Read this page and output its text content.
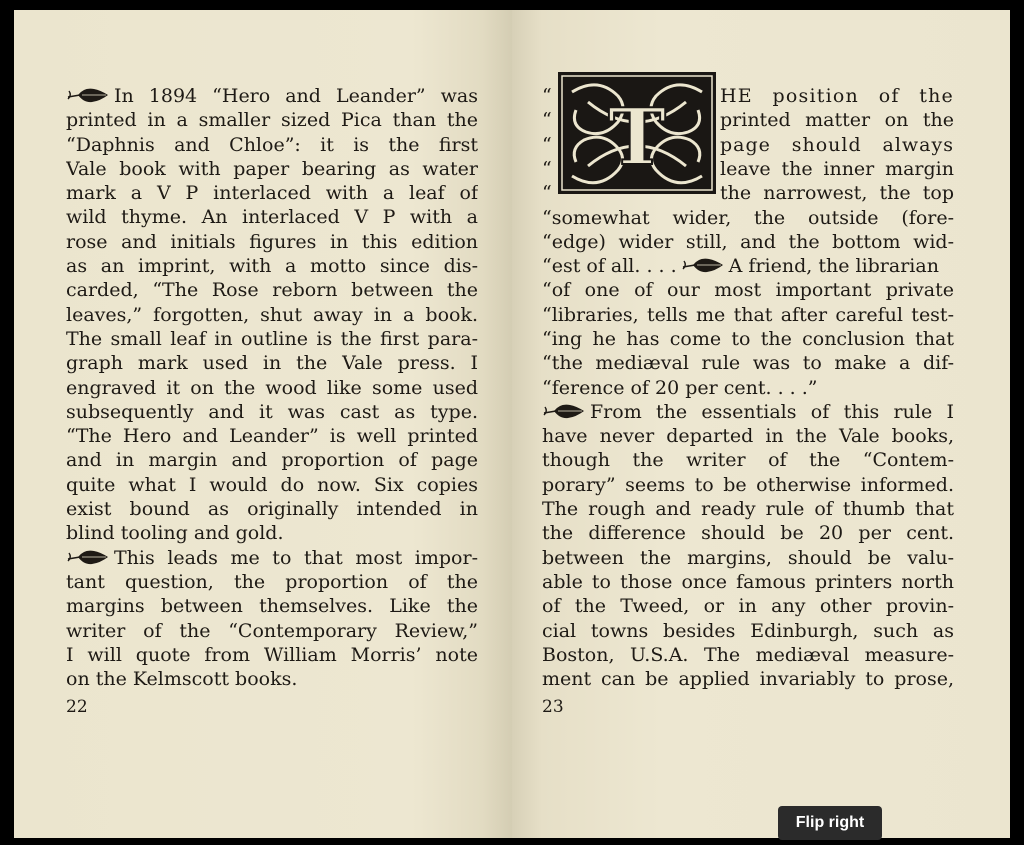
In 1894 “Hero and Leander” was
printed in a smaller sized Pica than the
“Daphnis and Chloe”: it is the first
Vale book with paper bearing as water
mark a V P interlaced with a leaf of
wild thyme. An interlaced V P with a
rose and initials figures in this edition
as an imprint, with a motto since dis-
carded, “The Rose reborn between the
leaves,” forgotten, shut away in a book.
The small leaf in outline is the first para-
graph mark used in the Vale press. I
engraved it on the wood like some used
subsequently and it was cast as type.
“The Hero and Leander” is well printed
and in margin and proportion of page
quite what I would do now. Six copies
exist bound as originally intended in
blind tooling and gold.
This leads me to that most impor-
tant question, the proportion of the
margins between themselves. Like the
writer of the “Contemporary Review,”
I will quote from William Morris’ note
on the Kelmscott books.
22
“
“
“
“
“
T	HE position of the
printed matter on the
page should always
leave the inner margin
the narrowest, the top
“somewhat wider, the outside (fore-
“edge) wider still, and the bottom wid-
“est of all. . . .	A friend, the librarian
“of one of our most important private
“libraries, tells me that after careful test-
“ing he has come to the conclusion that
“the mediæval rule was to make a dif-
“ference of 20 per cent. . . .”
From the essentials of this rule I
have never departed in the Vale books,
though the writer of the “Contem-
porary” seems to be otherwise informed.
The rough and ready rule of thumb that
the difference should be 20 per cent.
between the margins, should be valu-
able to those once famous printers north
of the Tweed, or in any other provin-
cial towns besides Edinburgh, such as
Boston, U.S.A. The mediæval measure-
ment can be applied invariably to prose,
23
Flip right
